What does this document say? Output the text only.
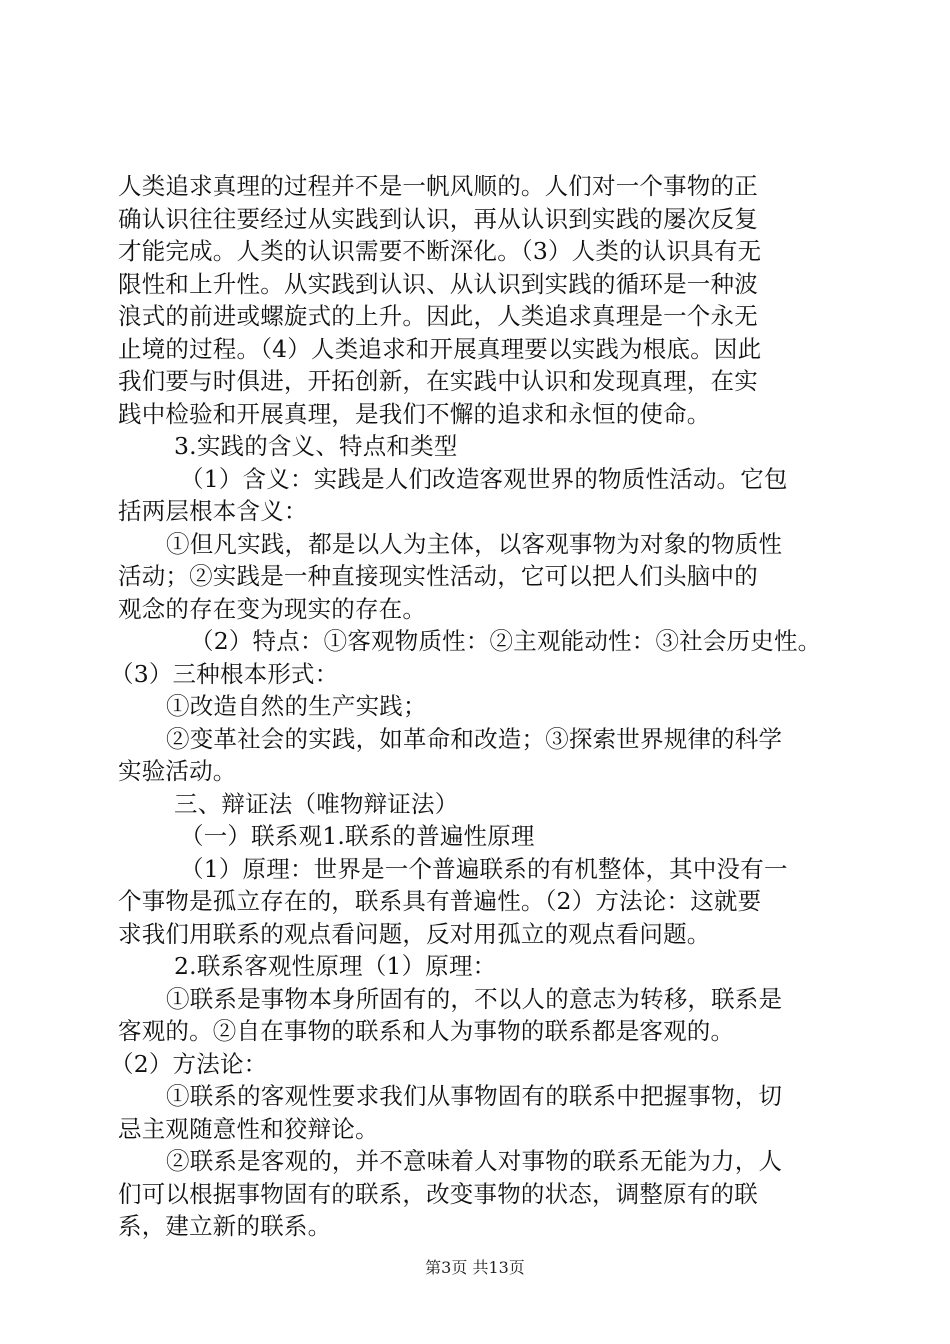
人类追求真理的过程并不是一帆风顺的。人们对一个事物的正
确认识往往要经过从实践到认识，再从认识到实践的屡次反复
才能完成。人类的认识需要不断深化。（3）人类的认识具有无
限性和上升性。从实践到认识、从认识到实践的循环是一种波
浪式的前进或螺旋式的上升。因此，人类追求真理是一个永无
止境的过程。（4）人类追求和开展真理要以实践为根底。因此
我们要与时俱进，开拓创新，在实践中认识和发现真理，在实
践中检验和开展真理，是我们不懈的追求和永恒的使命。
3.实践的含义、特点和类型
（1）含义：实践是人们改造客观世界的物质性活动。它包
括两层根本含义：
①但凡实践，都是以人为主体，以客观事物为对象的物质性
活动；②实践是一种直接现实性活动，它可以把人们头脑中的
观念的存在变为现实的存在。
（2）特点：①客观物质性：②主观能动性：③社会历史性。
（3）三种根本形式：
①改造自然的生产实践；
②变革社会的实践，如革命和改造；③探索世界规律的科学
实验活动。
三、辩证法（唯物辩证法）
（一）联系观1.联系的普遍性原理
（1）原理：世界是一个普遍联系的有机整体，其中没有一
个事物是孤立存在的，联系具有普遍性。（2）方法论：这就要
求我们用联系的观点看问题，反对用孤立的观点看问题。
2.联系客观性原理（1）原理：
①联系是事物本身所固有的，不以人的意志为转移，联系是
客观的。②自在事物的联系和人为事物的联系都是客观的。
（2）方法论：
①联系的客观性要求我们从事物固有的联系中把握事物，切
忌主观随意性和狡辩论。
②联系是客观的，并不意味着人对事物的联系无能为力，人
们可以根据事物固有的联系，改变事物的状态，调整原有的联
系，建立新的联系。
第3页 共13页
